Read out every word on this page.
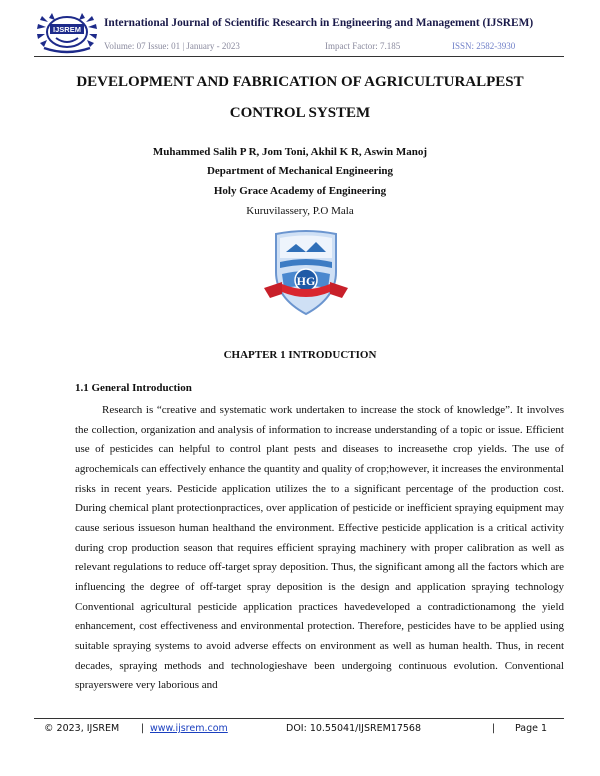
IJSREM
International Journal of Scientific Research in Engineering and Management (IJSREM)
Volume: 07 Issue: 01 | January - 2023	Impact Factor: 7.185	ISSN: 2582-3930
DEVELOPMENT AND FABRICATION OF AGRICULTURALPEST
CONTROL SYSTEM
Muhammed Salih P R, Jom Toni, Akhil K R, Aswin Manoj
Department of Mechanical Engineering
Holy Grace Academy of Engineering
Kuruvilassery, P.O Mala
HG
CHAPTER 1 INTRODUCTION
1.1 General Introduction
Research is “creative and systematic work undertaken to increase the stock of knowledge”. It involves the collection, organization and analysis of information to increase understanding of a topic or issue. Efficient use of pesticides can helpful to control plant pests and diseases to increasethe crop yields. The use of agrochemicals can effectively enhance the quantity and quality of crop;however, it increases the environmental risks in recent years. Pesticide application utilizes the to a significant percentage of the production cost. During chemical plant protectionpractices, over application of pesticide or inefficient spraying equipment may cause serious issueson human healthand the environment. Effective pesticide application is a critical activity during crop production season that requires efficient spraying machinery with proper calibration as well as relevant regulations to reduce off-target spray deposition. Thus, the significant among all the factors which are influencing the degree of off-target spray deposition is the design and application spraying technology Conventional agricultural pesticide application practices havedeveloped a contradictionamong the yield enhancement, cost effectiveness and environmental protection. Therefore, pesticides have to be applied using suitable spraying systems to avoid adverse effects on environment as well as human health. Thus, in recent decades, spraying methods and technologieshave been undergoing continuous evolution. Conventional sprayerswere very laborious and
© 2023, IJSREM | www.ijsrem.com	DOI: 10.55041/IJSREM17568	| Page 1
